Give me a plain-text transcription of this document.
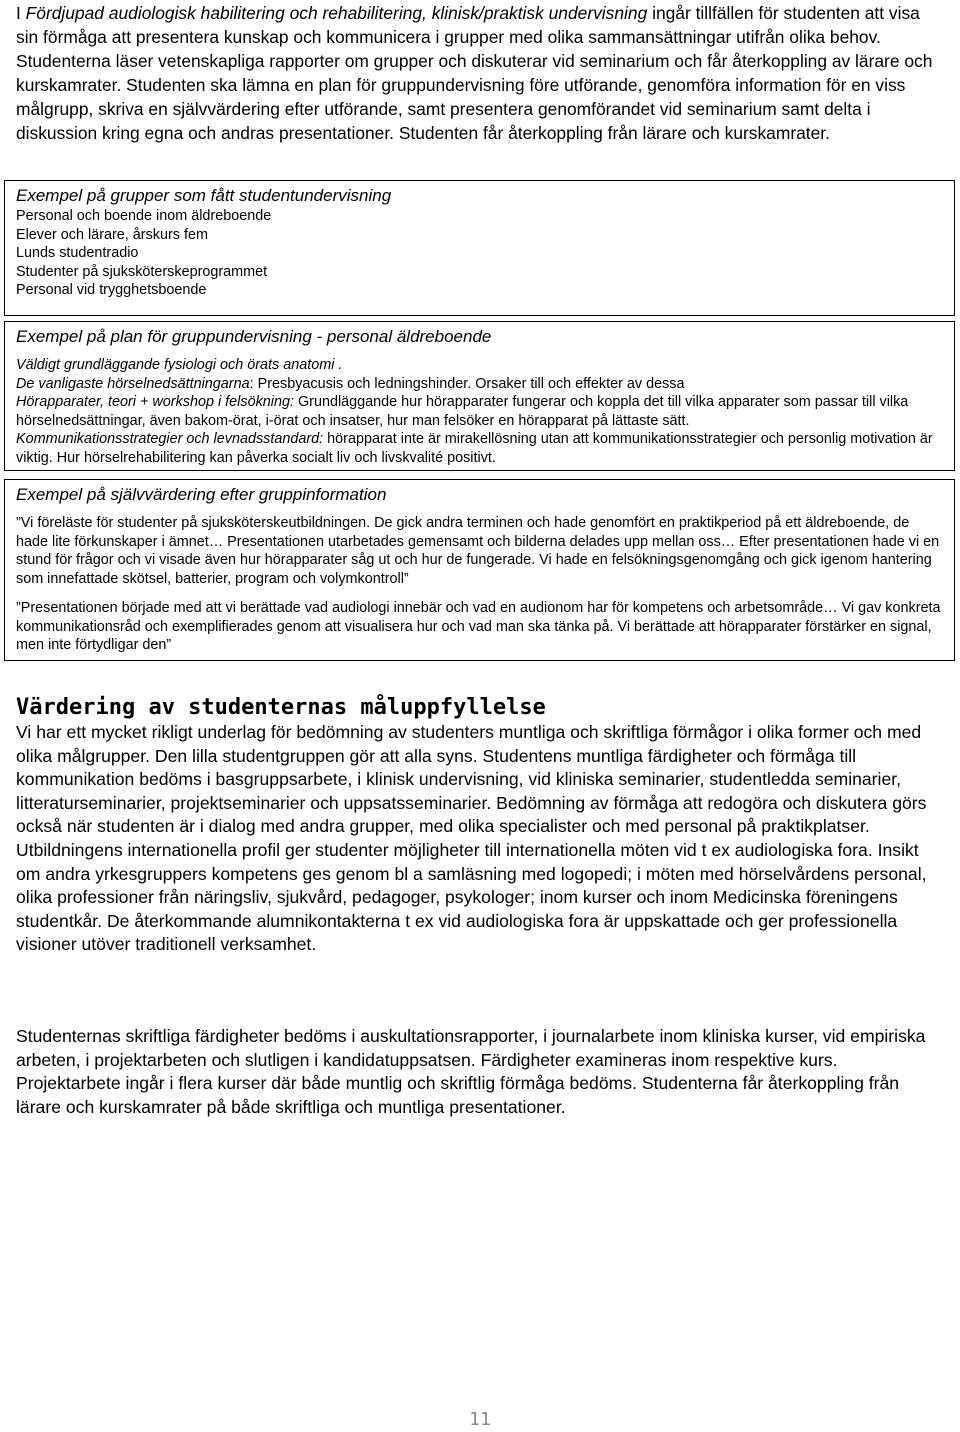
I Fördjupad audiologisk habilitering och rehabilitering, klinisk/praktisk undervisning ingår tillfällen för studenten att visa sin förmåga att presentera kunskap och kommunicera i grupper med olika sammansättningar utifrån olika behov. Studenterna läser vetenskapliga rapporter om grupper och diskuterar vid seminarium och får återkoppling av lärare och kurskamrater. Studenten ska lämna en plan för gruppundervisning före utförande, genomföra information för en viss målgrupp, skriva en självvärdering efter utförande, samt presentera genomförandet vid seminarium samt delta i diskussion kring egna och andras presentationer. Studenten får återkoppling från lärare och kurskamrater.

Exempel på grupper som fått studentundervisning

Personal och boende inom äldreboende

Elever och lärare, årskurs fem

Lunds studentradio

Studenter på sjuksköterskeprogrammet

Personal vid trygghetsboende

Exempel på plan för gruppundervisning - personal äldreboende

Väldigt grundläggande fysiologi och örats anatomi .

De vanligaste hörselnedsättningarna: Presbyacusis och ledningshinder. Orsaker till och effekter av dessa

Hörapparater, teori + workshop i felsökning: Grundläggande hur hörapparater fungerar och koppla det till vilka apparater som passar till vilka hörselnedsättningar, även bakom-örat, i-örat och insatser, hur man felsöker en hörapparat på lättaste sätt.

Kommunikationsstrategier och levnadsstandard: hörapparat inte är mirakellösning utan att kommunikationsstrategier och personlig motivation är viktig. Hur hörselrehabilitering kan påverka socialt liv och livskvalité positivt.

Exempel på självvärdering efter gruppinformation

”Vi föreläste för studenter på sjuksköterskeutbildningen. De gick andra terminen och hade genomfört en praktikperiod på ett äldreboende, de hade lite förkunskaper i ämnet… Presentationen utarbetades gemensamt och bilderna delades upp mellan oss… Efter presentationen hade vi en stund för frågor och vi visade även hur hörapparater såg ut och hur de fungerade. Vi hade en felsökningsgenomgång och gick igenom hantering som innefattade skötsel, batterier, program och volymkontroll”

”Presentationen började med att vi berättade vad audiologi innebär och vad en audionom har för kompetens och arbetsområde… Vi gav konkreta kommunikationsråd och exemplifierades genom att visualisera hur och vad man ska tänka på. Vi berättade att hörapparater förstärker en signal, men inte förtydligar den”

Värdering av studenternas måluppfyllelse

Vi har ett mycket rikligt underlag för bedömning av studenters muntliga och skriftliga förmågor i olika former och med olika målgrupper. Den lilla studentgruppen gör att alla syns. Studentens muntliga färdigheter och förmåga till kommunikation bedöms i basgruppsarbete, i klinisk undervisning, vid kliniska seminarier, studentledda seminarier, litteraturseminarier, projektseminarier och uppsatsseminarier. Bedömning av förmåga att redogöra och diskutera görs också när studenten är i dialog med andra grupper, med olika specialister och med personal på praktikplatser. Utbildningens internationella profil ger studenter möjligheter till internationella möten vid t ex audiologiska fora. Insikt om andra yrkesgruppers kompetens ges genom bl a samläsning med logopedi; i möten med hörselvårdens personal, olika professioner från näringsliv, sjukvård, pedagoger, psykologer; inom kurser och inom Medicinska föreningens studentkår. De återkommande alumnikontakterna t ex vid audiologiska fora är uppskattade och ger professionella visioner utöver traditionell verksamhet.

Studenternas skriftliga färdigheter bedöms i auskultationsrapporter, i journalarbete inom kliniska kurser, vid empiriska arbeten, i projektarbeten och slutligen i kandidatuppsatsen. Färdigheter examineras inom respektive kurs. Projektarbete ingår i flera kurser där både muntlig och skriftlig förmåga bedöms. Studenterna får återkoppling från lärare och kurskamrater på både skriftliga och muntliga presentationer.

11
